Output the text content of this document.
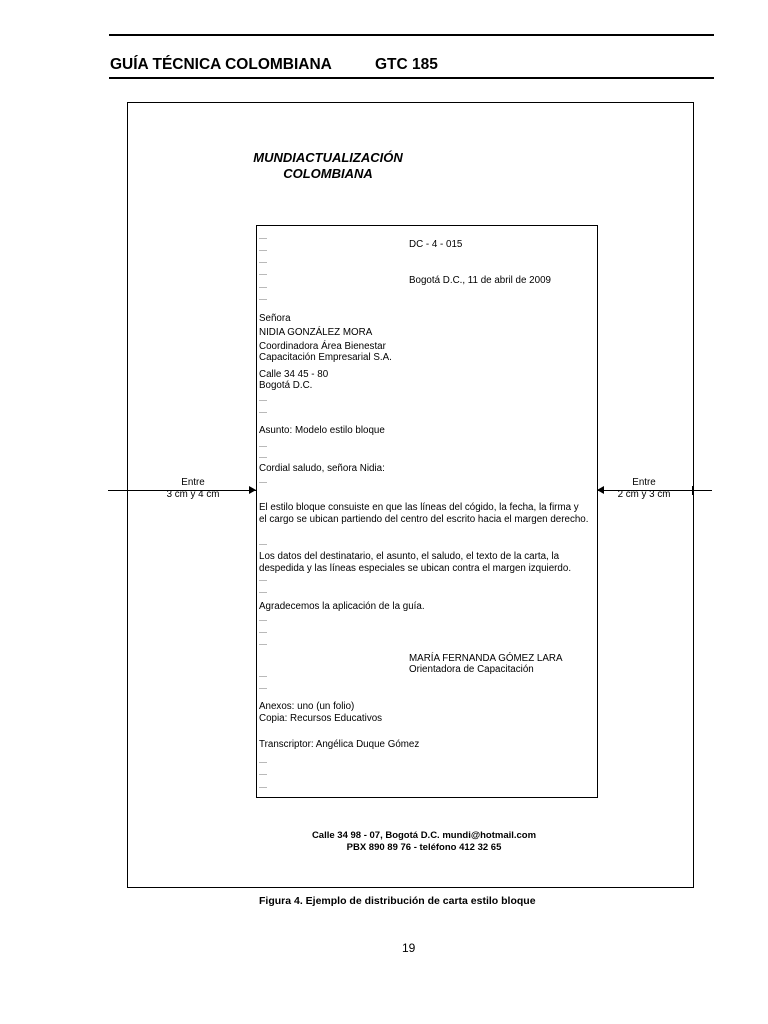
GUÍA TÉCNICA COLOMBIANA	GTC 185
MUNDIACTUALIZACIÓN
COLOMBIANA
DC - 4 - 015
Bogotá D.C., 11 de abril de 2009
Señora
NIDIA GONZÁLEZ MORA
Coordinadora Área Bienestar
Capacitación Empresarial S.A.
Calle 34 45 - 80
Bogotá D.C.
Asunto: Modelo estilo bloque
Cordial saludo, señora Nidia:
El estilo bloque consuiste en que las líneas del cógido, la fecha, la firma y el cargo se ubican partiendo del centro del escrito hacia el margen derecho.
Los datos del destinatario, el asunto, el saludo, el texto de la carta, la despedida y las líneas especiales se ubican contra el margen izquierdo.
Agradecemos la aplicación de la guía.
MARÍA FERNANDA GÓMEZ LARA
Orientadora de Capacitación
Anexos: uno (un folio)
Copia: Recursos Educativos
Transcriptor: Angélica Duque Gómez
Entre
3 cm y 4 cm
Entre
2 cm y 3 cm
Calle 34 98 - 07, Bogotá D.C. mundi@hotmail.com
PBX 890 89 76 - teléfono 412 32 65
Figura 4. Ejemplo de distribución de carta estilo bloque
19
